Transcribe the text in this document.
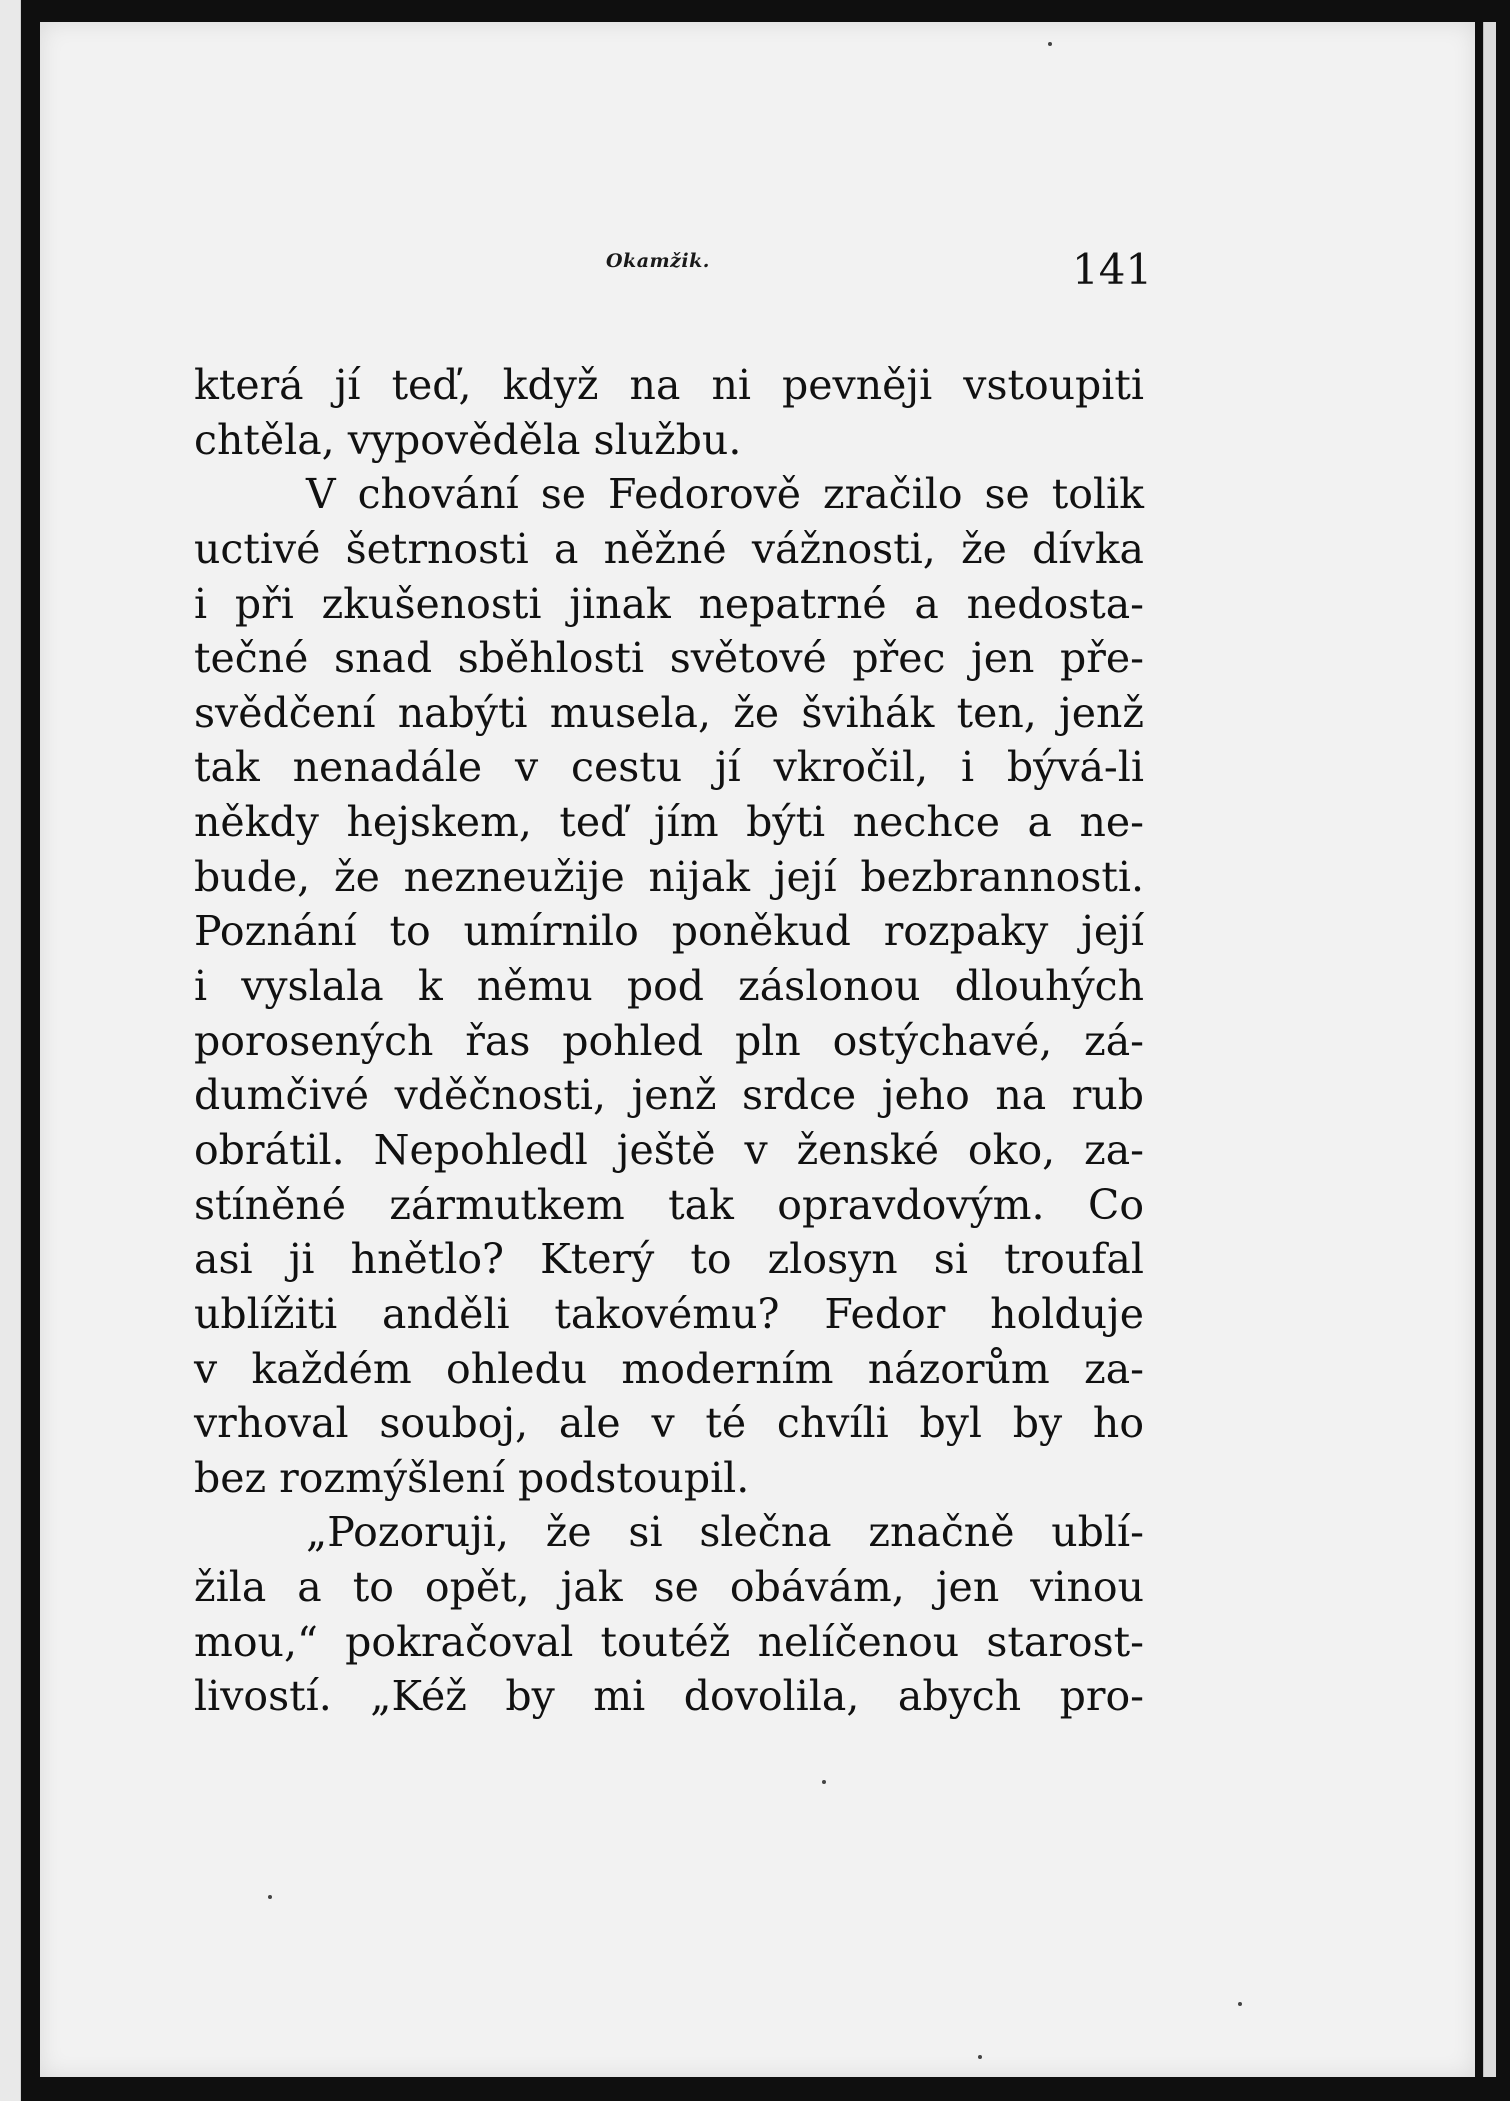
Okamžik.	141
která jí teď, když na ni pevněji vstoupiti
chtěla, vypověděla službu.
V chování se Fedorově zračilo se tolik
uctivé šetrnosti a něžné vážnosti, že dívka
i při zkušenosti jinak nepatrné a nedosta-
tečné snad sběhlosti světové přec jen pře-
svědčení nabýti musela, že švihák ten, jenž
tak nenadále v cestu jí vkročil, i bývá-li
někdy hejskem, teď jím býti nechce a ne-
bude, že nezneužije nijak její bezbrannosti.
Poznání to umírnilo poněkud rozpaky její
i vyslala k němu pod záslonou dlouhých
porosených řas pohled pln ostýchavé, zá-
dumčivé vděčnosti, jenž srdce jeho na rub
obrátil. Nepohledl ještě v ženské oko, za-
stíněné zármutkem tak opravdovým. Co
asi ji hnětlo? Který to zlosyn si troufal
ublížiti anděli takovému? Fedor holduje
v každém ohledu moderním názorům za-
vrhoval souboj, ale v té chvíli byl by ho
bez rozmýšlení podstoupil.
„Pozoruji, že si slečna značně ublí-
žila a to opět, jak se obávám, jen vinou
mou,“ pokračoval toutéž nelíčenou starost-
livostí. „Kéž by mi dovolila, abych pro-
